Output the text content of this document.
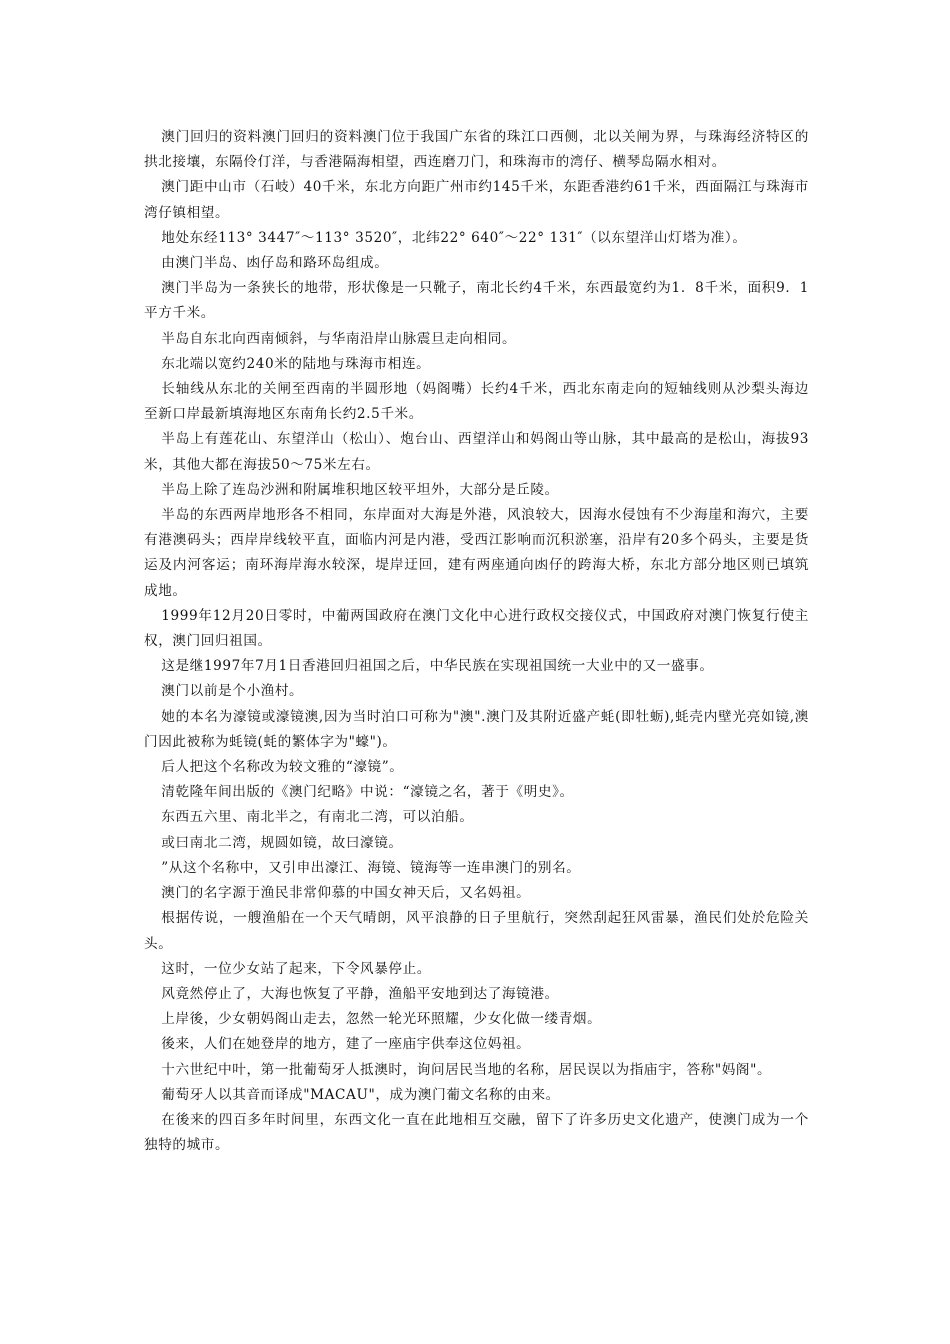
澳门回归的资料澳门回归的资料澳门位于我国广东省的珠江口西侧，北以关闸为界，与珠海经济特区的拱北接壤，东隔伶仃洋，与香港隔海相望，西连磨刀门，和珠海市的湾仔、横琴岛隔水相对。

澳门距中山市（石岐）40千米，东北方向距广州市约145千米，东距香港约61千米，西面隔江与珠海市湾仔镇相望。

地处东经113° 3447″～113° 3520″，北纬22° 640″～22° 131″（以东望洋山灯塔为准）。

由澳门半岛、凼仔岛和路环岛组成。

澳门半岛为一条狭长的地带，形状像是一只靴子，南北长约4千米，东西最宽约为1．8千米，面积9．1平方千米。

半岛自东北向西南倾斜，与华南沿岸山脉震旦走向相同。

东北端以宽约240米的陆地与珠海市相连。

长轴线从东北的关闸至西南的半圆形地（妈阁嘴）长约4千米，西北东南走向的短轴线则从沙梨头海边至新口岸最新填海地区东南角长约2.5千米。

半岛上有莲花山、东望洋山（松山）、炮台山、西望洋山和妈阁山等山脉，其中最高的是松山，海拔93米，其他大都在海拔50～75米左右。

半岛上除了连岛沙洲和附属堆积地区较平坦外，大部分是丘陵。

半岛的东西两岸地形各不相同，东岸面对大海是外港，风浪较大，因海水侵蚀有不少海崖和海穴，主要有港澳码头；西岸岸线较平直，面临内河是内港，受西江影响而沉积淤塞，沿岸有20多个码头，主要是货运及内河客运；南环海岸海水较深，堤岸迂回，建有两座通向凼仔的跨海大桥，东北方部分地区则已填筑成地。

1999年12月20日零时，中葡两国政府在澳门文化中心进行政权交接仪式，中国政府对澳门恢复行使主权，澳门回归祖国。

这是继1997年7月1日香港回归祖国之后，中华民族在实现祖国统一大业中的又一盛事。

澳门以前是个小渔村。

她的本名为濠镜或濠镜澳,因为当时泊口可称为"澳".澳门及其附近盛产蚝(即牡蛎),蚝壳内壁光亮如镜,澳门因此被称为蚝镜(蚝的繁体字为"蠔")。

后人把这个名称改为较文雅的“濠镜”。

清乾隆年间出版的《澳门纪略》中说：“濠镜之名，著于《明史》。

东西五六里、南北半之，有南北二湾，可以泊船。

或曰南北二湾，规圆如镜，故曰濠镜。

”从这个名称中，又引申出濠江、海镜、镜海等一连串澳门的别名。

澳门的名字源于渔民非常仰慕的中国女神天后，又名妈祖。

根据传说，一艘渔船在一个天气晴朗，风平浪静的日子里航行，突然刮起狂风雷暴，渔民们处於危险关头。

这时，一位少女站了起来，下令风暴停止。

风竟然停止了，大海也恢复了平静，渔船平安地到达了海镜港。

上岸後，少女朝妈阁山走去，忽然一轮光环照耀，少女化做一缕青烟。

後来，人们在她登岸的地方，建了一座庙宇供奉这位妈祖。

十六世纪中叶，第一批葡萄牙人抵澳时，询问居民当地的名称，居民误以为指庙宇，答称"妈阁"。

葡萄牙人以其音而译成"MACAU"，成为澳门葡文名称的由来。

在後来的四百多年时间里，东西文化一直在此地相互交融，留下了许多历史文化遗产，使澳门成为一个独特的城市。
